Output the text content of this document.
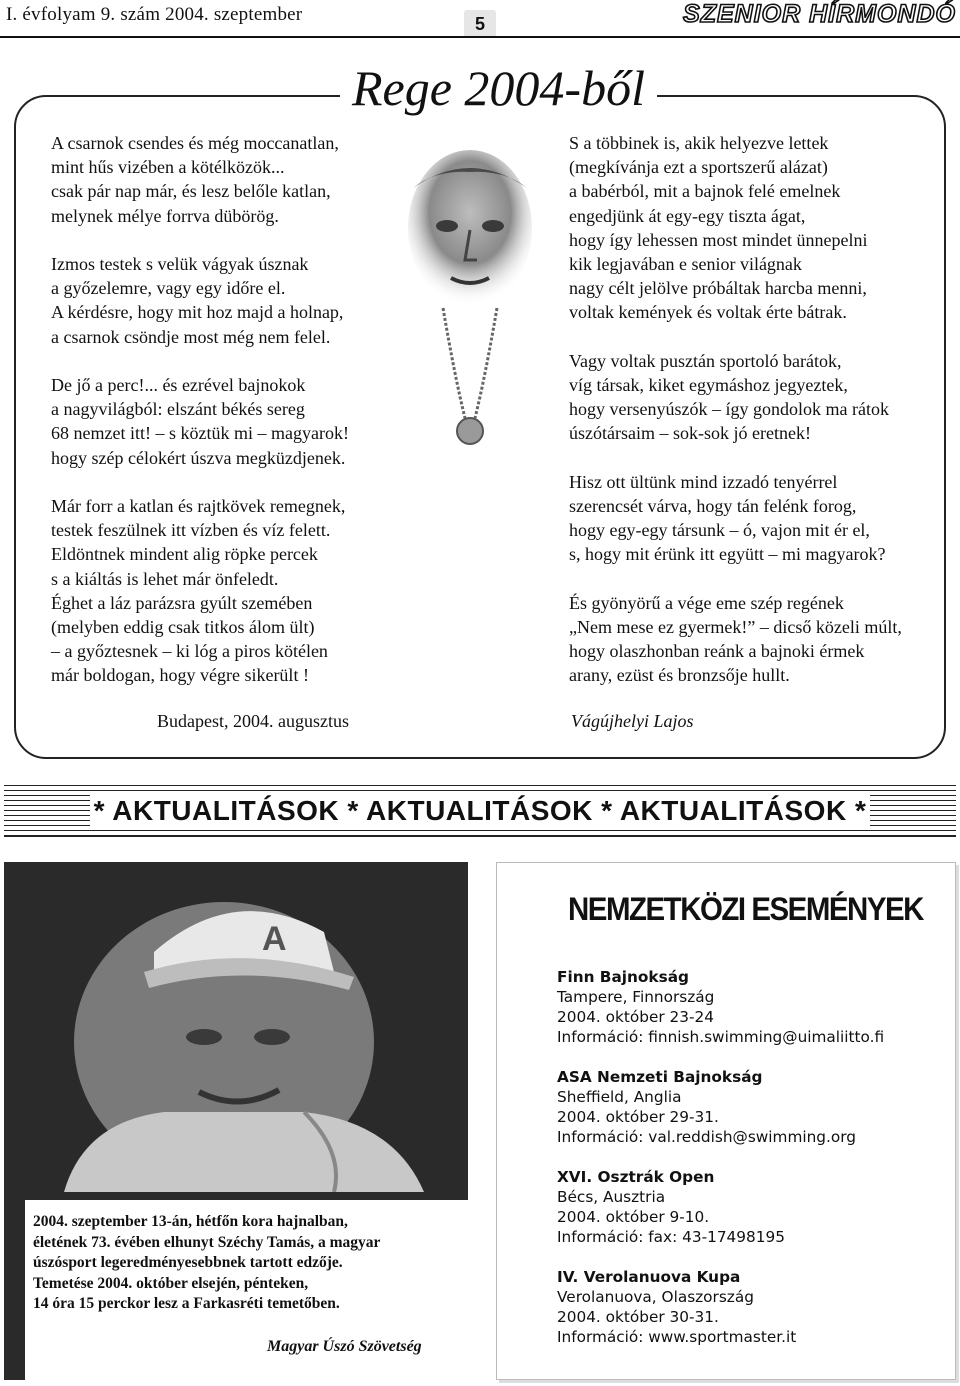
I. évfolyam 9. szám 2004. szeptember	5	SZENIOR HÍRMONDÓ
Rege 2004-ből

A csarnok csendes és még moccanatlan,
mint hűs vizében a kötélközök...
csak pár nap már, és lesz belőle katlan,
melynek mélye forrva dübörög.

Izmos testek s velük vágyak úsznak
a győzelemre, vagy egy időre el.
A kérdésre, hogy mit hoz majd a holnap,
a csarnok csöndje most még nem felel.

De jő a perc!... és ezrével bajnokok
a nagyvilágból: elszánt békés sereg
68 nemzet itt! – s köztük mi – magyarok!
hogy szép célokért úszva megküzdjenek.

Már forr a katlan és rajtkövek remegnek,
testek feszülnek itt vízben és víz felett.
Eldöntnek mindent alig röpke percek
s a kiáltás is lehet már önfeledt.
Éghet a láz parázsra gyúlt szemében
(melyben eddig csak titkos álom ült)
– a győztesnek – ki lóg a piros kötélen
már boldogan, hogy végre sikerült !

S a többinek is, akik helyezve lettek
(megkívánja ezt a sportszerű alázat)
a babérból, mit a bajnok felé emelnek
engedjünk át egy-egy tiszta ágat,
hogy így lehessen most mindet ünnepelni
kik legjavában e senior világnak
nagy célt jelölve próbáltak harcba menni,
voltak kemények és voltak érte bátrak.

Vagy voltak pusztán sportoló barátok,
víg társak, kiket egymáshoz jegyeztek,
hogy versenyúszók – így gondolok ma rátok
úszótársaim – sok-sok jó eretnek!

Hisz ott ültünk mind izzadó tenyérrel
szerencsét várva, hogy tán felénk forog,
hogy egy-egy társunk – ó, vajon mit ér el,
s, hogy mit érünk itt együtt – mi magyarok?

És gyönyörű a vége eme szép regének
„Nem mese ez gyermek!” – dicső közeli múlt,
hogy olaszhonban reánk a bajnoki érmek
arany, ezüst és bronzsője hullt.

Budapest, 2004. augusztus	Vágújhelyi Lajos
* AKTUALITÁSOK * AKTUALITÁSOK * AKTUALITÁSOK *
A
2004. szeptember 13-án, hétfőn kora hajnalban,
életének 73. évében elhunyt Széchy Tamás, a magyar
úszósport legeredményesebbnek tartott edzője.
Temetése 2004. október elsején, pénteken,
14 óra 15 perckor lesz a Farkasréti temetőben.
Magyar Úszó Szövetség
NEMZETKÖZI ESEMÉNYEK
Finn Bajnokság
Tampere, Finnország
2004. október 23-24
Információ: finnish.swimming@uimaliitto.fi
ASA Nemzeti Bajnokság
Sheffield, Anglia
2004. október 29-31.
Információ: val.reddish@swimming.org
XVI. Osztrák Open
Bécs, Ausztria
2004. október 9-10.
Információ: fax: 43-17498195
IV. Verolanuova Kupa
Verolanuova, Olaszország
2004. október 30-31.
Információ: www.sportmaster.it
